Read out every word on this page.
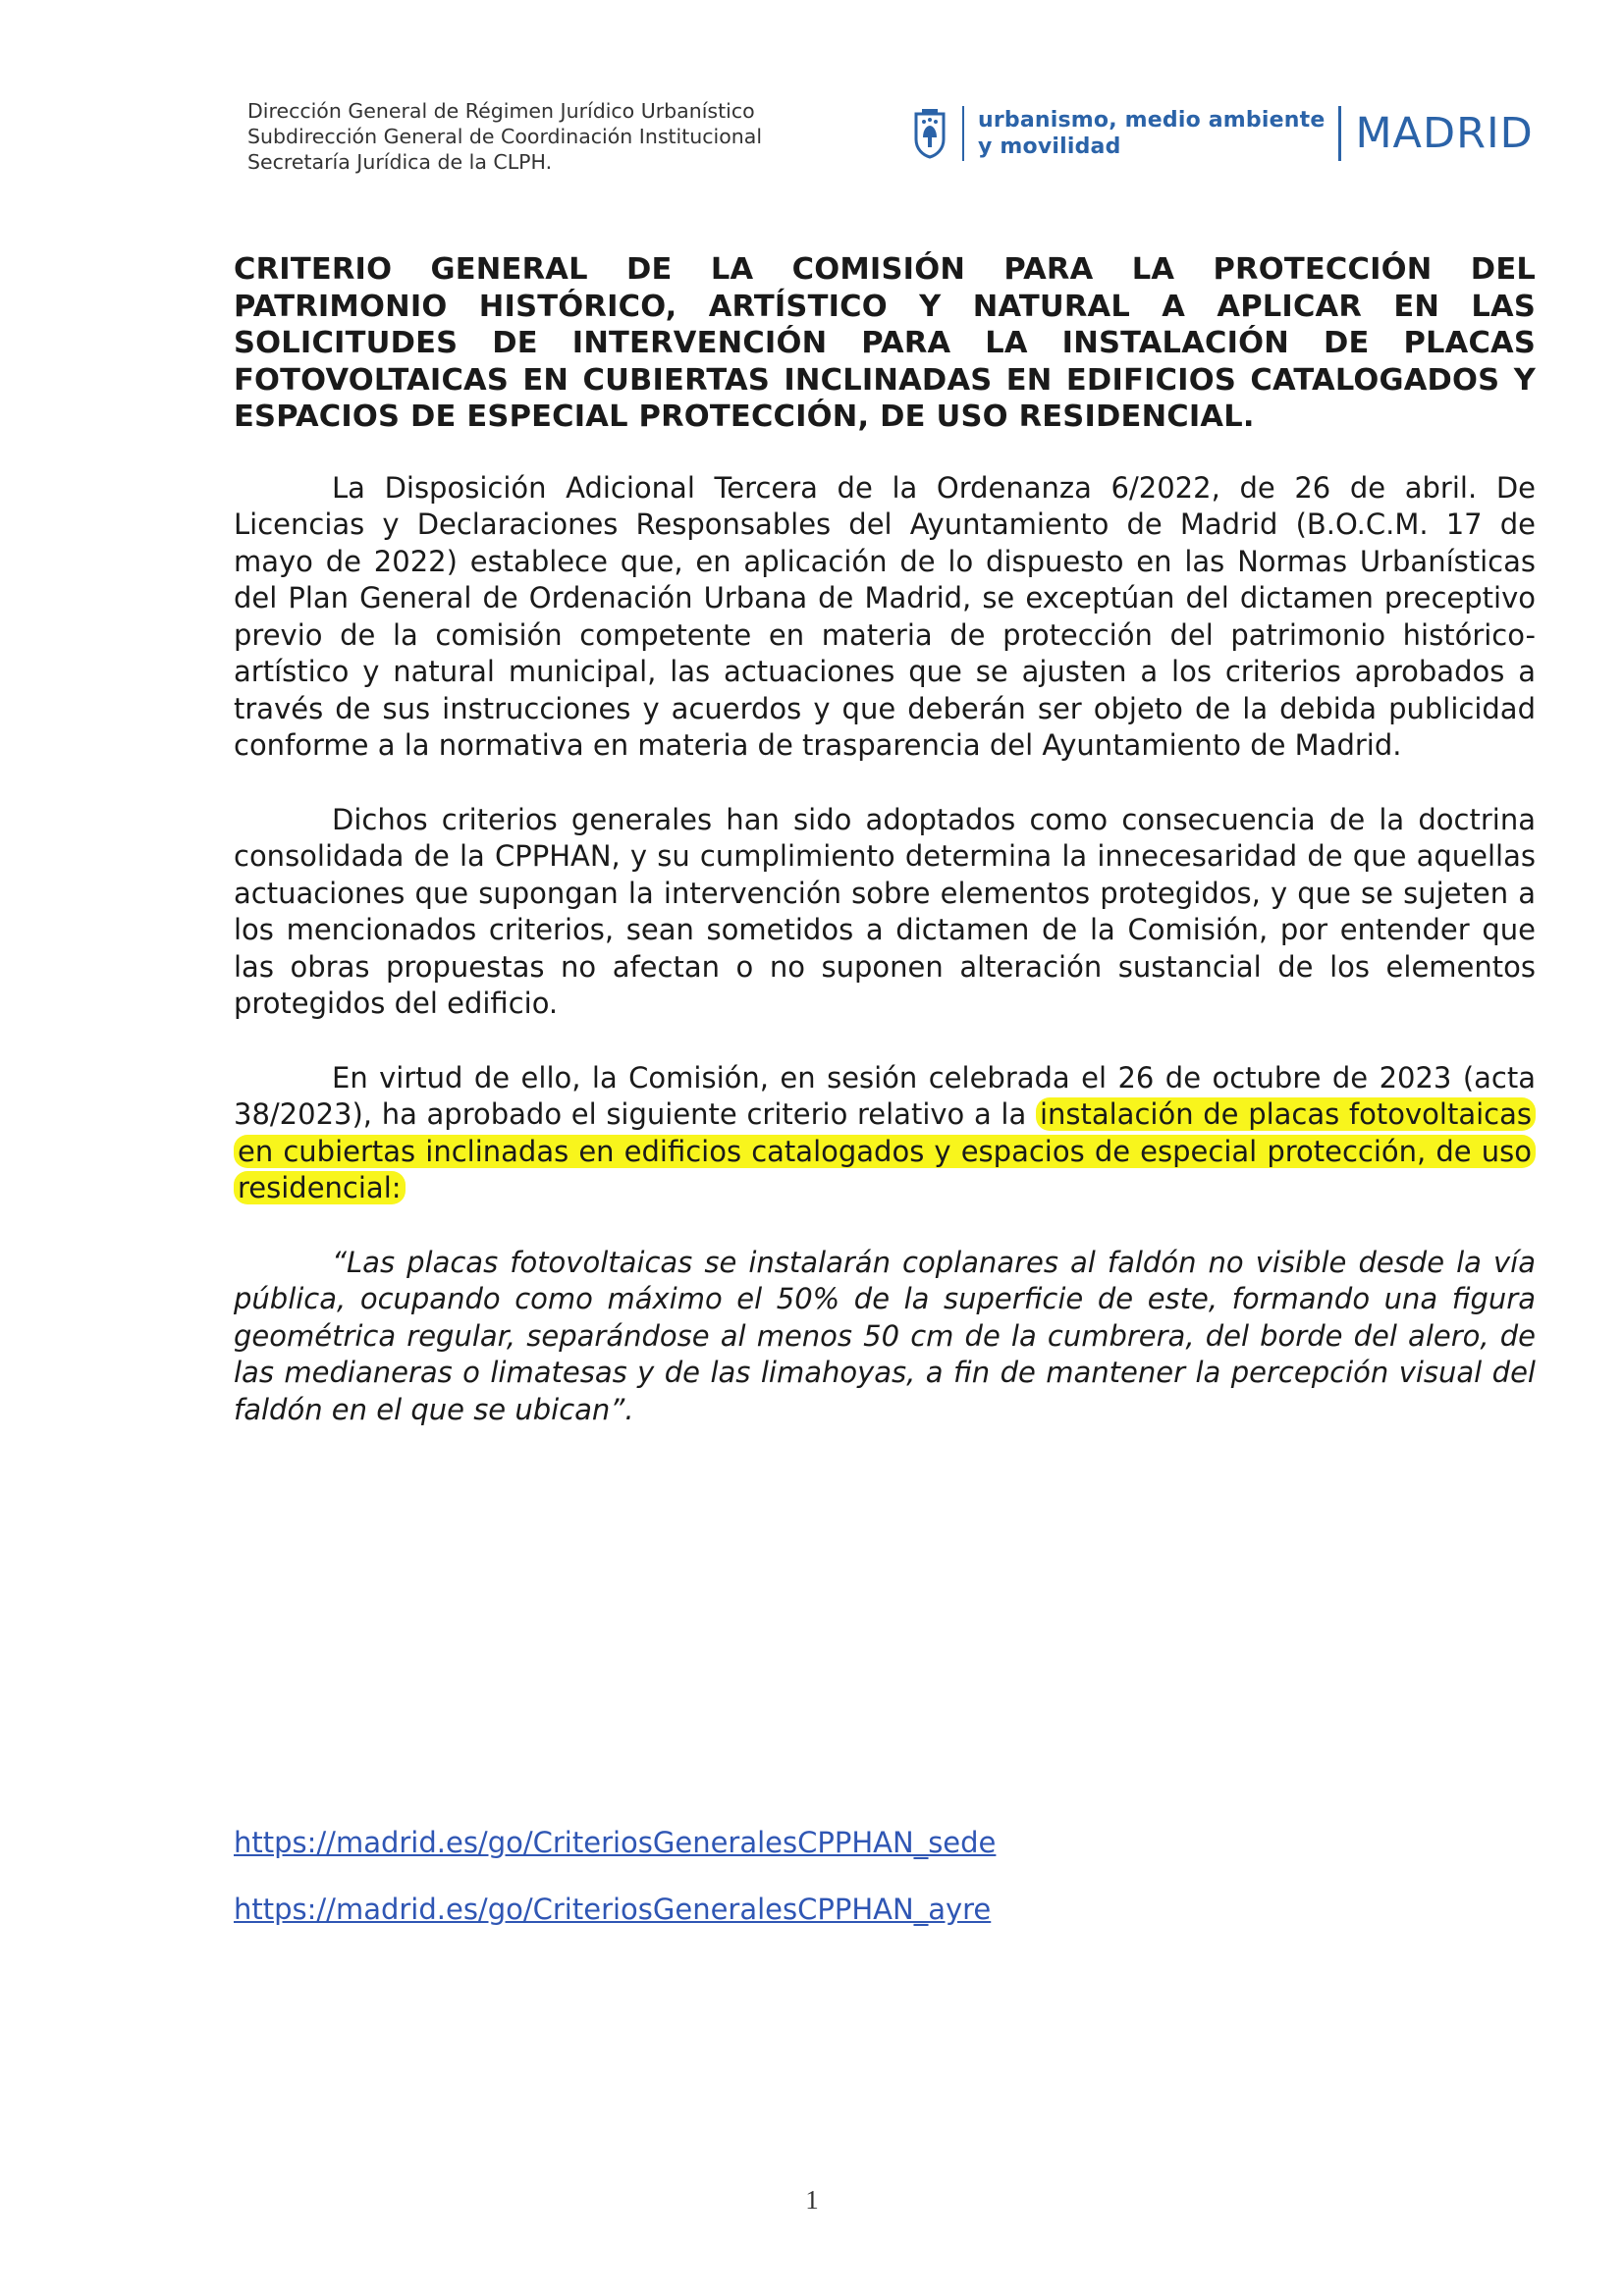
Dirección General de Régimen Jurídico Urbanístico
Subdirección General de Coordinación Institucional
Secretaría Jurídica de la CLPH.
urbanismo, medio ambiente
y movilidad	MADRID

CRITERIO GENERAL DE LA COMISIÓN PARA LA PROTECCIÓN DEL PATRIMONIO HISTÓRICO, ARTÍSTICO Y NATURAL A APLICAR EN LAS SOLICITUDES DE INTERVENCIÓN PARA LA INSTALACIÓN DE PLACAS FOTOVOLTAICAS EN CUBIERTAS INCLINADAS EN EDIFICIOS CATALOGADOS Y ESPACIOS DE ESPECIAL PROTECCIÓN, DE USO RESIDENCIAL.

La Disposición Adicional Tercera de la Ordenanza 6/2022, de 26 de abril. De Licencias y Declaraciones Responsables del Ayuntamiento de Madrid (B.O.C.M. 17 de mayo de 2022) establece que, en aplicación de lo dispuesto en las Normas Urbanísticas del Plan General de Ordenación Urbana de Madrid, se exceptúan del dictamen preceptivo previo de la comisión competente en materia de protección del patrimonio histórico-artístico y natural municipal, las actuaciones que se ajusten a los criterios aprobados a través de sus instrucciones y acuerdos y que deberán ser objeto de la debida publicidad conforme a la normativa en materia de trasparencia del Ayuntamiento de Madrid.

Dichos criterios generales han sido adoptados como consecuencia de la doctrina consolidada de la CPPHAN, y su cumplimiento determina la innecesaridad de que aquellas actuaciones que supongan la intervención sobre elementos protegidos, y que se sujeten a los mencionados criterios, sean sometidos a dictamen de la Comisión, por entender que las obras propuestas no afectan o no suponen alteración sustancial de los elementos protegidos del edificio.

En virtud de ello, la Comisión, en sesión celebrada el 26 de octubre de 2023 (acta 38/2023), ha aprobado el siguiente criterio relativo a la instalación de placas fotovoltaicas en cubiertas inclinadas en edificios catalogados y espacios de especial protección, de uso residencial:

“Las placas fotovoltaicas se instalarán coplanares al faldón no visible desde la vía pública, ocupando como máximo el 50% de la superficie de este, formando una figura geométrica regular, separándose al menos 50 cm de la cumbrera, del borde del alero, de las medianeras o limatesas y de las limahoyas, a fin de mantener la percepción visual del faldón en el que se ubican”.

https://madrid.es/go/CriteriosGeneralesCPPHAN_sede
https://madrid.es/go/CriteriosGeneralesCPPHAN_ayre
1
